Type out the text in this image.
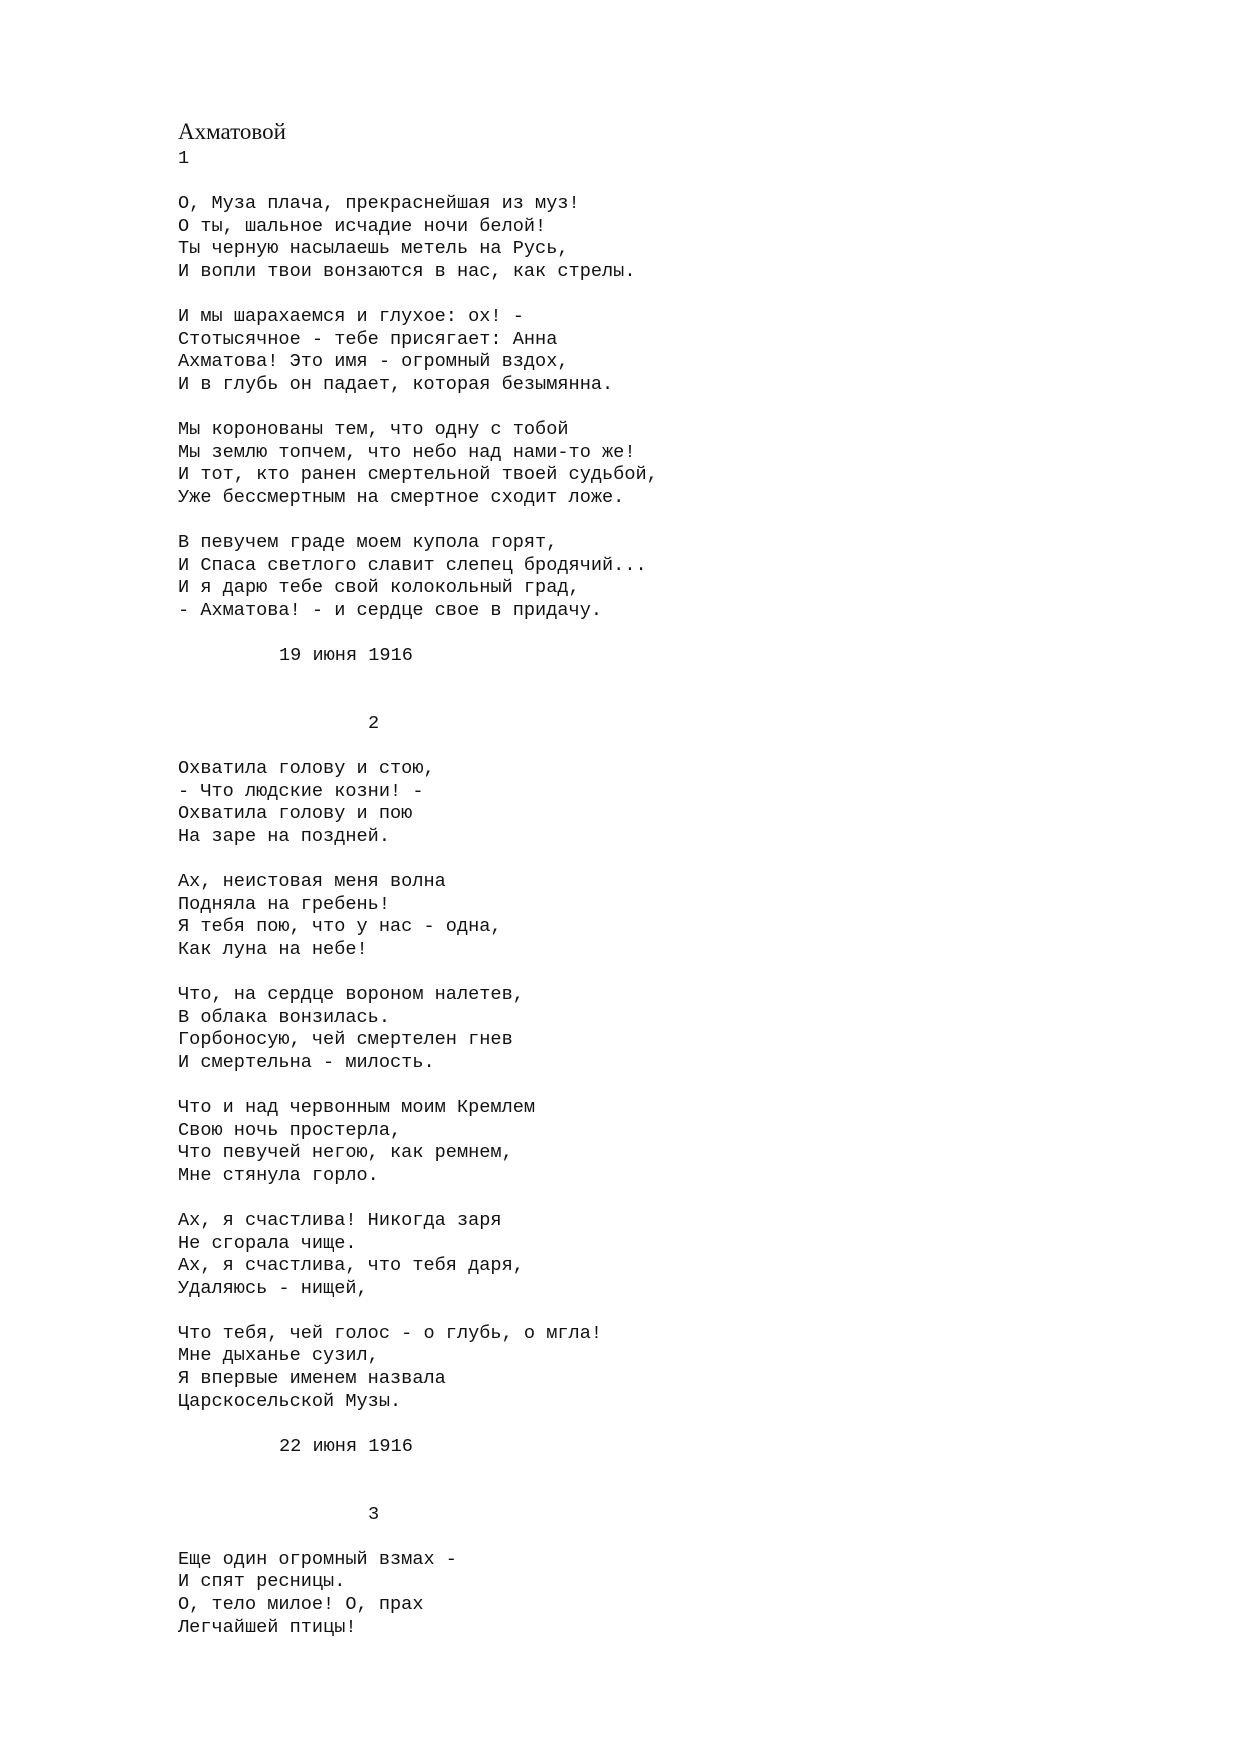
Ахматовой
1
О, Муза плача, прекраснейшая из муз!
О ты, шальное исчадие ночи белой!
Ты черную насылаешь метель на Русь,
И вопли твои вонзаются в нас, как стрелы.
И мы шарахаемся и глухое: ох! -
Стотысячное - тебе присягает: Анна
Ахматова! Это имя - огромный вздох,
И в глубь он падает, которая безымянна.
Мы коронованы тем, что одну с тобой
Мы землю топчем, что небо над нами-то же!
И тот, кто ранен смертельной твоей судьбой,
Уже бессмертным на смертное сходит ложе.
В певучем граде моем купола горят,
И Спаса светлого славит слепец бродячий...
И я дарю тебе свой колокольный град,
- Ахматова! - и сердце свое в придачу.
19 июня 1916
2
Охватила голову и стою,
- Что людские козни! -
Охватила голову и пою
На заре на поздней.
Ах, неистовая меня волна
Подняла на гребень!
Я тебя пою, что у нас - одна,
Как луна на небе!
Что, на сердце вороном налетев,
В облака вонзилась.
Горбоносую, чей смертелен гнев
И смертельна - милость.
Что и над червонным моим Кремлем
Свою ночь простерла,
Что певучей негою, как ремнем,
Мне стянула горло.
Ах, я счастлива! Никогда заря
Не сгорала чище.
Ах, я счастлива, что тебя даря,
Удаляюсь - нищей,
Что тебя, чей голос - о глубь, о мгла!
Мне дыханье сузил,
Я впервые именем назвала
Царскосельской Музы.
22 июня 1916
3
Еще один огромный взмах -
И спят ресницы.
О, тело милое! О, прах
Легчайшей птицы!
